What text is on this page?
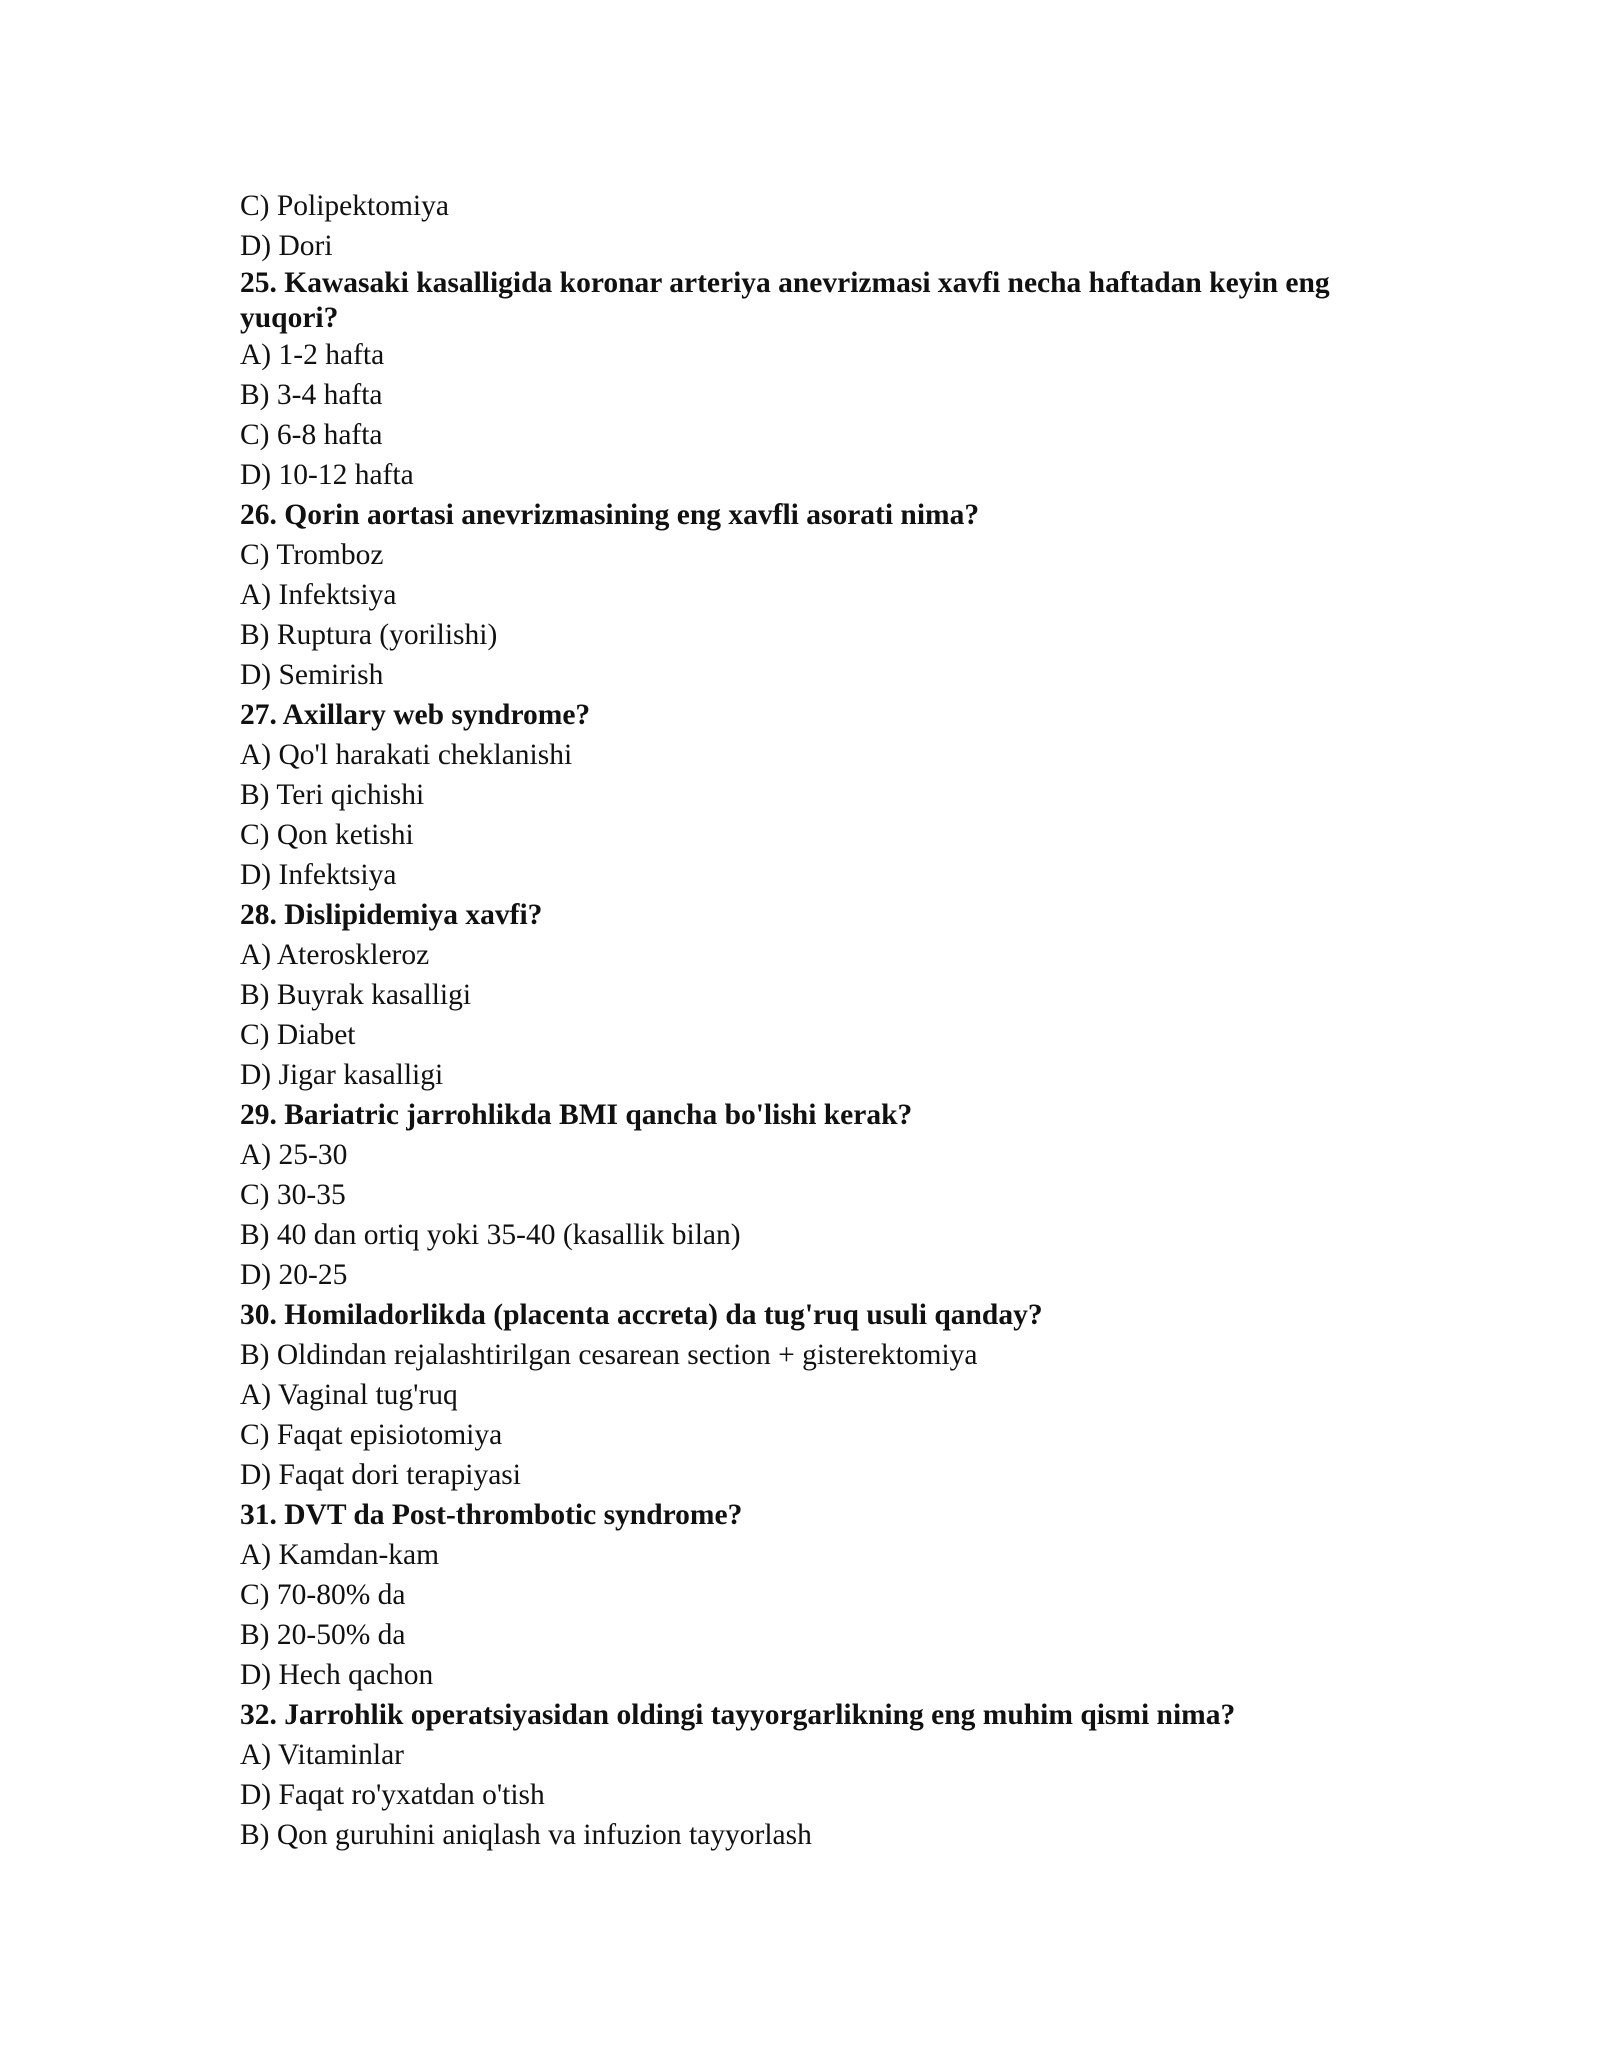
C) Polipektomiya

D) Dori

25. Kawasaki kasalligida koronar arteriya anevrizmasi xavfi necha haftadan keyin eng
yuqori?

A) 1-2 hafta

B) 3-4 hafta

C) 6-8 hafta

D) 10-12 hafta

26. Qorin aortasi anevrizmasining eng xavfli asorati nima?

C) Tromboz

A) Infektsiya

B) Ruptura (yorilishi)

D) Semirish

27. Axillary web syndrome?

A) Qo'l harakati cheklanishi

B) Teri qichishi

C) Qon ketishi

D) Infektsiya

28. Dislipidemiya xavfi?

A) Ateroskleroz

B) Buyrak kasalligi

C) Diabet

D) Jigar kasalligi

29. Bariatric jarrohlikda BMI qancha bo'lishi kerak?

A) 25-30

C) 30-35

B) 40 dan ortiq yoki 35-40 (kasallik bilan)

D) 20-25

30. Homiladorlikda (placenta accreta) da tug'ruq usuli qanday?

B) Oldindan rejalashtirilgan cesarean section + gisterektomiya

A) Vaginal tug'ruq

C) Faqat episiotomiya

D) Faqat dori terapiyasi

31. DVT da Post-thrombotic syndrome?

A) Kamdan-kam

C) 70-80% da

B) 20-50% da

D) Hech qachon

32. Jarrohlik operatsiyasidan oldingi tayyorgarlikning eng muhim qismi nima?

A) Vitaminlar

D) Faqat ro'yxatdan o'tish

B) Qon guruhini aniqlash va infuzion tayyorlash
